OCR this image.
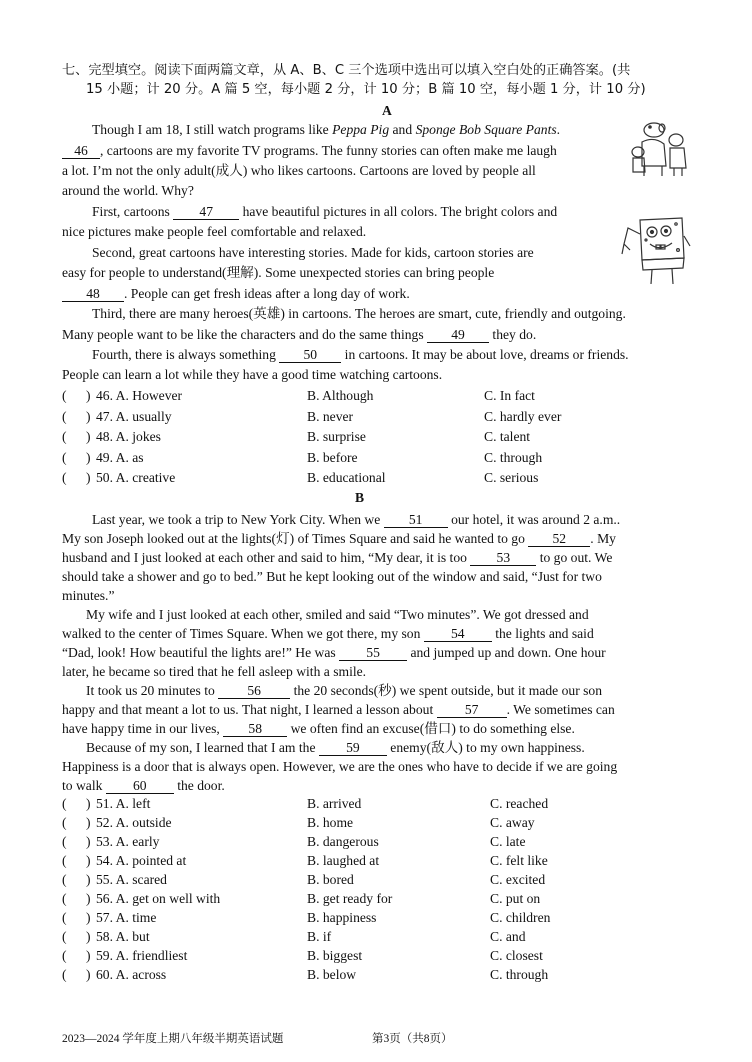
七、完型填空。阅读下面两篇文章，从 A、B、C 三个选项中选出可以填入空白处的正确答案。(共
15 小题；计 20 分。A 篇 5 空，每小题 2 分，计 10 分；B 篇 10 空，每小题 1 分，计 10 分)
A
Though I am 18, I still watch programs like Peppa Pig and Sponge Bob Square Pants.
46 , cartoons are my favorite TV programs. The funny stories can often make me laugh
a lot. I’m not the only adult(成人) who likes cartoons. Cartoons are loved by people all
around the world. Why?
First, cartoons 47 have beautiful pictures in all colors. The bright colors and
nice pictures make people feel comfortable and relaxed.
Second, great cartoons have interesting stories. Made for kids, cartoon stories are
easy for people to understand(理解). Some unexpected stories can bring people
48 . People can get fresh ideas after a long day of work.
Third, there are many heroes(英雄) in cartoons. The heroes are smart, cute, friendly and outgoing.
Many people want to be like the characters and do the same things 49 they do.
Fourth, there is always something 50 in cartoons. It may be about love, dreams or friends.
People can learn a lot while they have a good time watching cartoons.
( ) 46. A. However	B. Although	C. In fact
( ) 47. A. usually	B. never	C. hardly ever
( ) 48. A. jokes	B. surprise	C. talent
( ) 49. A. as	B. before	C. through
( ) 50. A. creative	B. educational	C. serious
B
Last year, we took a trip to New York City. When we 51 our hotel, it was around 2 a.m..
My son Joseph looked out at the lights(灯) of Times Square and said he wanted to go 52 . My
husband and I just looked at each other and said to him, “My dear, it is too 53 to go out. We
should take a shower and go to bed.” But he kept looking out of the window and said, “Just for two
minutes.”
My wife and I just looked at each other, smiled and said “Two minutes”. We got dressed and
walked to the center of Times Square. When we got there, my son 54 the lights and said
“Dad, look! How beautiful the lights are!” He was 55 and jumped up and down. One hour
later, he became so tired that he fell asleep with a smile.
It took us 20 minutes to 56 the 20 seconds(秒) we spent outside, but it made our son
happy and that meant a lot to us. That night, I learned a lesson about 57 . We sometimes can
have happy time in our lives, 58 we often find an excuse(借口) to do something else.
Because of my son, I learned that I am the 59 enemy(敌人) to my own happiness.
Happiness is a door that is always open. However, we are the ones who have to decide if we are going
to walk 60 the door.
( ) 51. A. left	B. arrived	C. reached
( ) 52. A. outside	B. home	C. away
( ) 53. A. early	B. dangerous	C. late
( ) 54. A. pointed at	B. laughed at	C. felt like
( ) 55. A. scared	B. bored	C. excited
( ) 56. A. get on well with	B. get ready for	C. put on
( ) 57. A. time	B. happiness	C. children
( ) 58. A. but	B. if	C. and
( ) 59. A. friendliest	B. biggest	C. closest
( ) 60. A. across	B. below	C. through
2023—2024 学年度上期八年级半期英语试题	第3页（共8页）
